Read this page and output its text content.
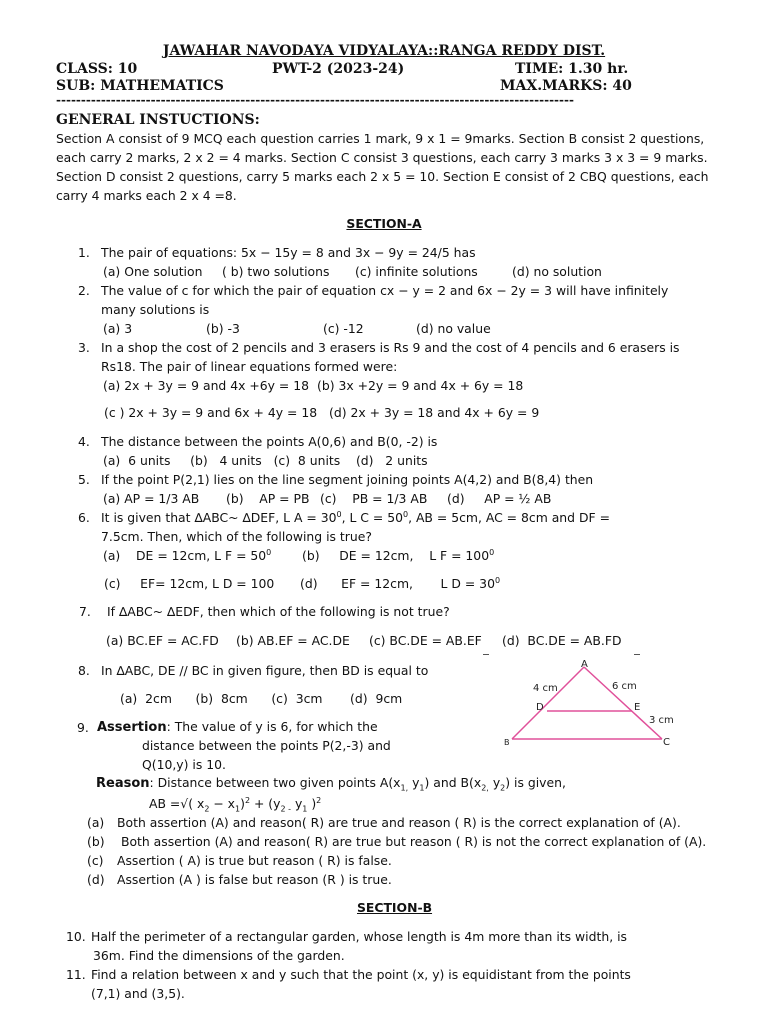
JAWAHAR NAVODAYA VIDYALAYA::RANGA REDDY DIST.
CLASS: 10	PWT-2 (2023-24)	TIME: 1.30 hr.
SUB: MATHEMATICS	MAX.MARKS: 40
--------------------------------------------------------------------------------------------------------
GENERAL INSTUCTIONS:
Section A consist of 9 MCQ each question carries 1 mark, 9 x 1 = 9marks. Section B consist 2 questions,
each carry 2 marks, 2 x 2 = 4 marks. Section C consist 3 questions, each carry 3 marks 3 x 3 = 9 marks.
Section D consist 2 questions, carry 5 marks each 2 x 5 = 10. Section E consist of 2 CBQ questions, each
carry 4 marks each 2 x 4 =8.
SECTION-A
1. The pair of equations: 5x − 15y = 8 and 3x − 9y = 24/5 has
(a) One solution ( b) two solutions (c) infinite solutions	(d) no solution
2. The value of c for which the pair of equation cx − y = 2 and 6x − 2y = 3 will have infinitely
many solutions is
(a) 3	(b) -3	(c) -12	(d) no value
3. In a shop the cost of 2 pencils and 3 erasers is Rs 9 and the cost of 4 pencils and 6 erasers is
Rs18. The pair of linear equations formed were:
(a) 2x + 3y = 9 and 4x +6y = 18 (b) 3x +2y = 9 and 4x + 6y = 18
(c ) 2x + 3y = 9 and 6x + 4y = 18 (d) 2x + 3y = 18 and 4x + 6y = 9
4. The distance between the points A(0,6) and B(0, -2) is
(a)  6 units     (b)   4 units   (c)  8 units    (d)   2 units
5. If the point P(2,1) lies on the line segment joining points A(4,2) and B(8,4) then
(a) AP = 1/3 AB (b)    AP = PB (c)    PB = 1/3 AB (d)     AP = ½ AB
6. It is given that ∆ABC~ ∆DEF, L $A = 30^0$, L $C = 50^0$, AB = 5cm, AC = 8cm and DF =
7.5cm. Then, which of the following is true?
(a)    DE = 12cm, L $F = 50^0$ (b)     DE = 12cm,    L $F = 100^0$
(c)     EF= 12cm, L D = 100 (d)      EF = 12cm,       L $D = 30^0$
7. If ∆ABC~ ∆EDF, then which of the following is not true?
(a) BC.EF = AC.FD (b) AB.EF = AC.DE (c) BC.DE = AB.EF (d)  BC.DE = AB.FD
8. In ∆ABC, DE // BC in given figure, then BD is equal to
(a)  2cm      (b)  8cm      (c)  3cm       (d)  9cm
A
B	C
D	E
4 cm	6 cm
3 cm
9. Assertion: The value of y is 6, for which the
distance between the points P(2,-3) and
Q(10,y) is 10.
Reason: Distance between two given points $A(x_{1,}$ $y_1$) and $B(x_{2,}$ $y_2$) is given,
AB =√( $x_2 - x_1)^2 + (y_{2 -}$ $y_1$ )$^2$
(a) Both assertion (A) and reason( R) are true and reason ( R) is the correct explanation of (A).
(b) Both assertion (A) and reason( R) are true but reason ( R) is not the correct explanation of (A).
(c) Assertion ( A) is true but reason ( R) is false.
(d) Assertion (A ) is false but reason (R ) is true.
SECTION-B
10. Half the perimeter of a rectangular garden, whose length is 4m more than its width, is
36m. Find the dimensions of the garden.
11. Find a relation between x and y such that the point (x, y) is equidistant from the points
(7,1) and (3,5).
